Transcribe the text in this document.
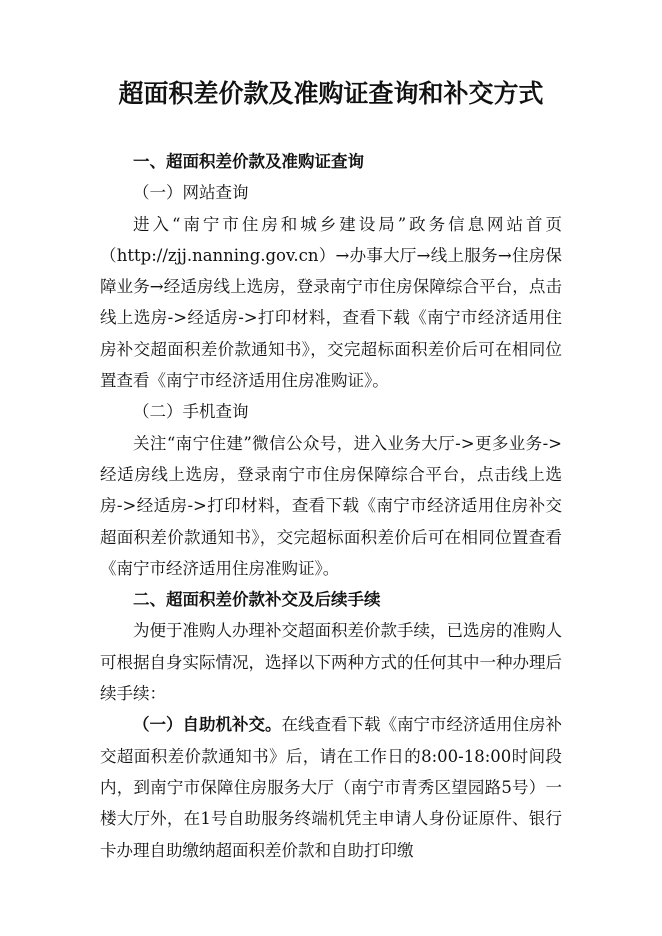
超面积差价款及准购证查询和补交方式

一、超面积差价款及准购证查询

（一）网站查询

进入“南宁市住房和城乡建设局”政务信息网站首页（http://zjj.nanning.gov.cn）→办事大厅→线上服务→住房保障业务→经适房线上选房，登录南宁市住房保障综合平台，点击线上选房->经适房->打印材料，查看下载《南宁市经济适用住房补交超面积差价款通知书》，交完超标面积差价后可在相同位置查看《南宁市经济适用住房准购证》。

（二）手机查询

关注“南宁住建”微信公众号，进入业务大厅->更多业务->经适房线上选房，登录南宁市住房保障综合平台，点击线上选房->经适房->打印材料，查看下载《南宁市经济适用住房补交超面积差价款通知书》，交完超标面积差价后可在相同位置查看《南宁市经济适用住房准购证》。

二、超面积差价款补交及后续手续

为便于准购人办理补交超面积差价款手续，已选房的准购人可根据自身实际情况，选择以下两种方式的任何其中一种办理后续手续：

（一）自助机补交。在线查看下载《南宁市经济适用住房补交超面积差价款通知书》后，请在工作日的8:00-18:00时间段内，到南宁市保障住房服务大厅（南宁市青秀区望园路5号）一楼大厅外，在1号自助服务终端机凭主申请人身份证原件、银行卡办理自助缴纳超面积差价款和自助打印缴
